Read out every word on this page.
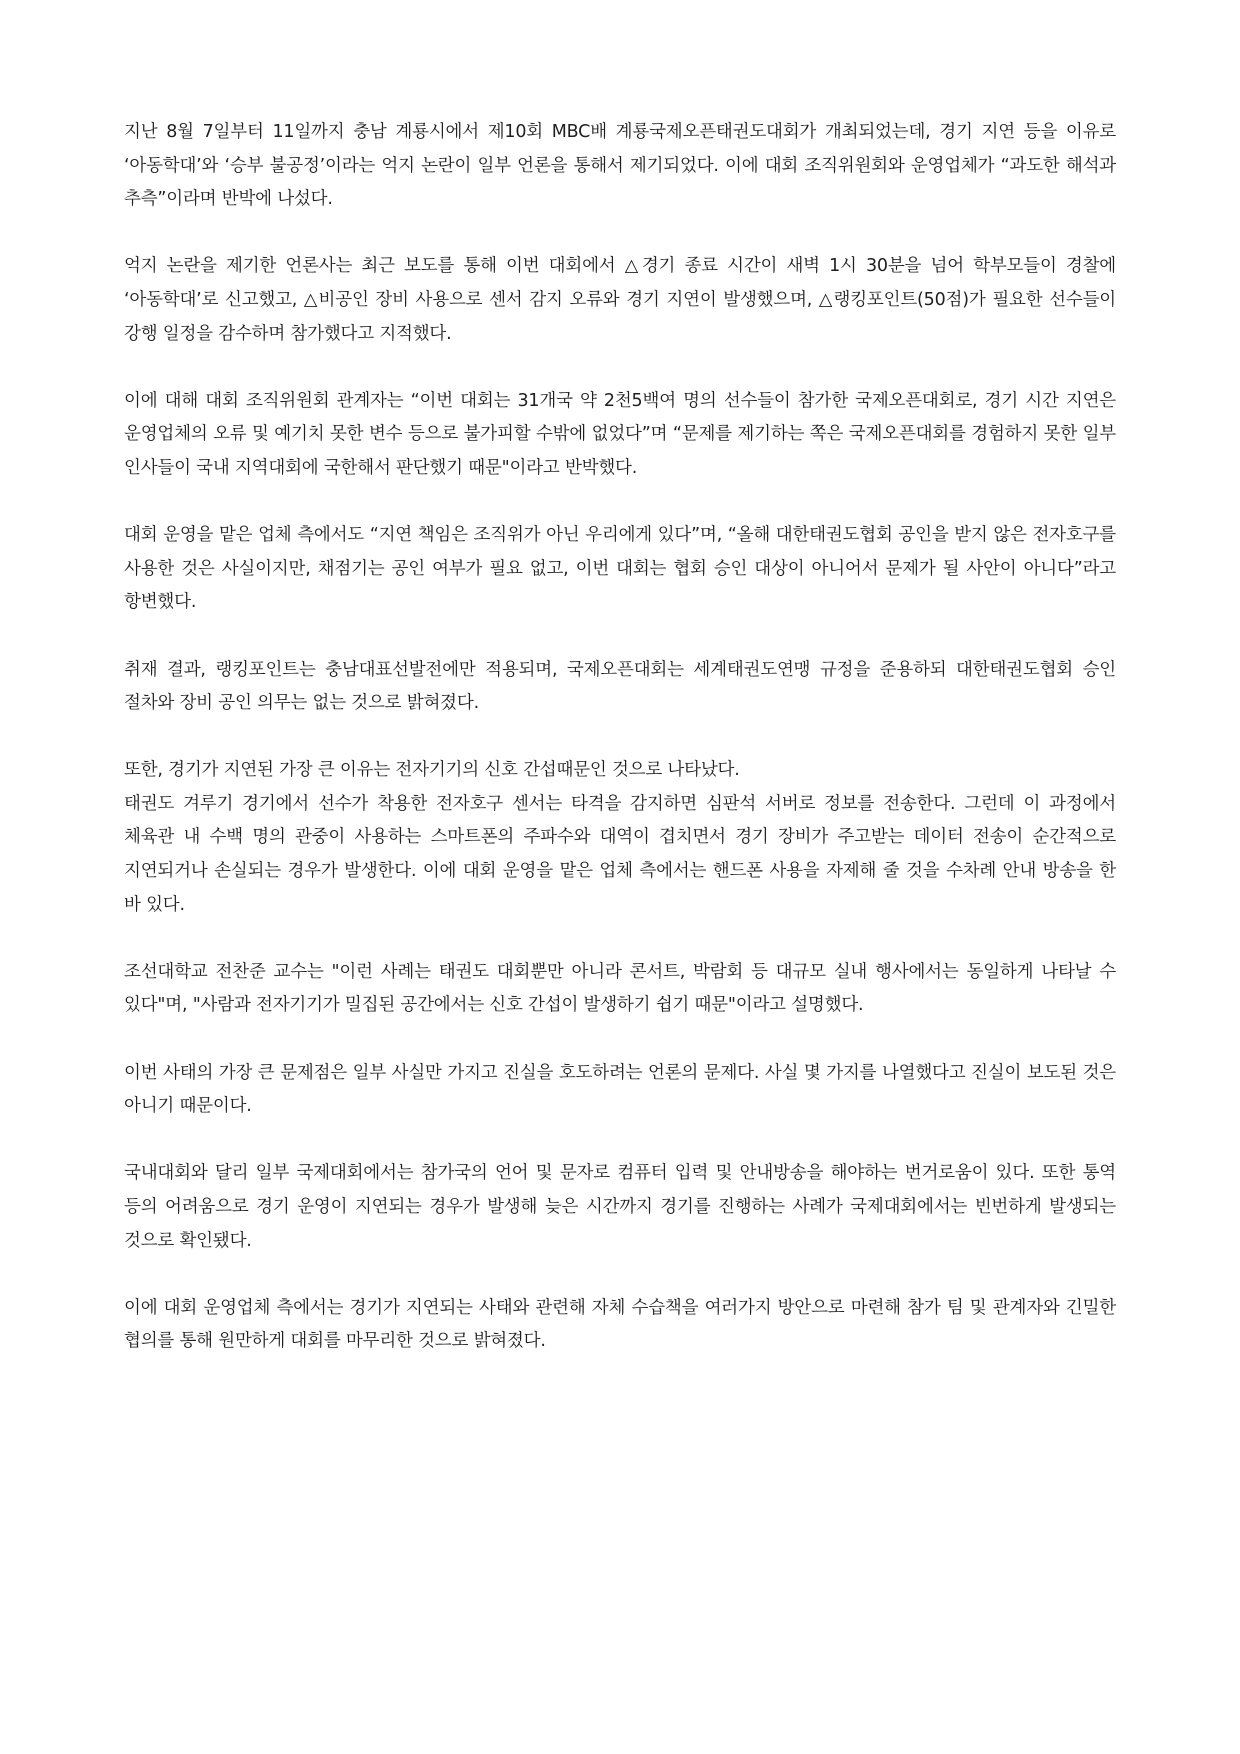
지난 8월 7일부터 11일까지 충남 계룡시에서 제10회 MBC배 계룡국제오픈태권도대회가 개최되었는데, 경기 지연 등을 이유로 ‘아동학대’와 ‘승부 불공정’이라는 억지 논란이 일부 언론을 통해서 제기되었다. 이에 대회 조직위원회와 운영업체가 “과도한 해석과 추측”이라며 반박에 나섰다.

억지 논란을 제기한 언론사는 최근 보도를 통해 이번 대회에서 △경기 종료 시간이 새벽 1시 30분을 넘어 학부모들이 경찰에 ‘아동학대’로 신고했고, △비공인 장비 사용으로 센서 감지 오류와 경기 지연이 발생했으며, △랭킹포인트(50점)가 필요한 선수들이 강행 일정을 감수하며 참가했다고 지적했다.

이에 대해 대회 조직위원회 관계자는 “이번 대회는 31개국 약 2천5백여 명의 선수들이 참가한 국제오픈대회로, 경기 시간 지연은 운영업체의 오류 및 예기치 못한 변수 등으로 불가피할 수밖에 없었다”며 “문제를 제기하는 쪽은 국제오픈대회를 경험하지 못한 일부 인사들이 국내 지역대회에 국한해서 판단했기 때문"이라고 반박했다.

대회 운영을 맡은 업체 측에서도 “지연 책임은 조직위가 아닌 우리에게 있다”며, “올해 대한태권도협회 공인을 받지 않은 전자호구를 사용한 것은 사실이지만, 채점기는 공인 여부가 필요 없고, 이번 대회는 협회 승인 대상이 아니어서 문제가 될 사안이 아니다”라고 항변했다.

취재 결과, 랭킹포인트는 충남대표선발전에만 적용되며, 국제오픈대회는 세계태권도연맹 규정을 준용하되 대한태권도협회 승인 절차와 장비 공인 의무는 없는 것으로 밝혀졌다.

또한, 경기가 지연된 가장 큰 이유는 전자기기의 신호 간섭때문인 것으로 나타났다.
태권도 겨루기 경기에서 선수가 착용한 전자호구 센서는 타격을 감지하면 심판석 서버로 정보를 전송한다. 그런데 이 과정에서 체육관 내 수백 명의 관중이 사용하는 스마트폰의 주파수와 대역이 겹치면서 경기 장비가 주고받는 데이터 전송이 순간적으로 지연되거나 손실되는 경우가 발생한다. 이에 대회 운영을 맡은 업체 측에서는 핸드폰 사용을 자제해 줄 것을 수차례 안내 방송을 한 바 있다.

조선대학교 전찬준 교수는 "이런 사례는 태권도 대회뿐만 아니라 콘서트, 박람회 등 대규모 실내 행사에서는 동일하게 나타날 수 있다"며, "사람과 전자기기가 밀집된 공간에서는 신호 간섭이 발생하기 쉽기 때문"이라고 설명했다.

이번 사태의 가장 큰 문제점은 일부 사실만 가지고 진실을 호도하려는 언론의 문제다. 사실 몇 가지를 나열했다고 진실이 보도된 것은 아니기 때문이다.

국내대회와 달리 일부 국제대회에서는 참가국의 언어 및 문자로 컴퓨터 입력 및 안내방송을 해야하는 번거로움이 있다. 또한 통역 등의 어려움으로 경기 운영이 지연되는 경우가 발생해 늦은 시간까지 경기를 진행하는 사례가 국제대회에서는 빈번하게 발생되는 것으로 확인됐다.

이에 대회 운영업체 측에서는 경기가 지연되는 사태와 관련해 자체 수습책을 여러가지 방안으로 마련해 참가 팀 및 관계자와 긴밀한 협의를 통해 원만하게 대회를 마무리한 것으로 밝혀졌다.
